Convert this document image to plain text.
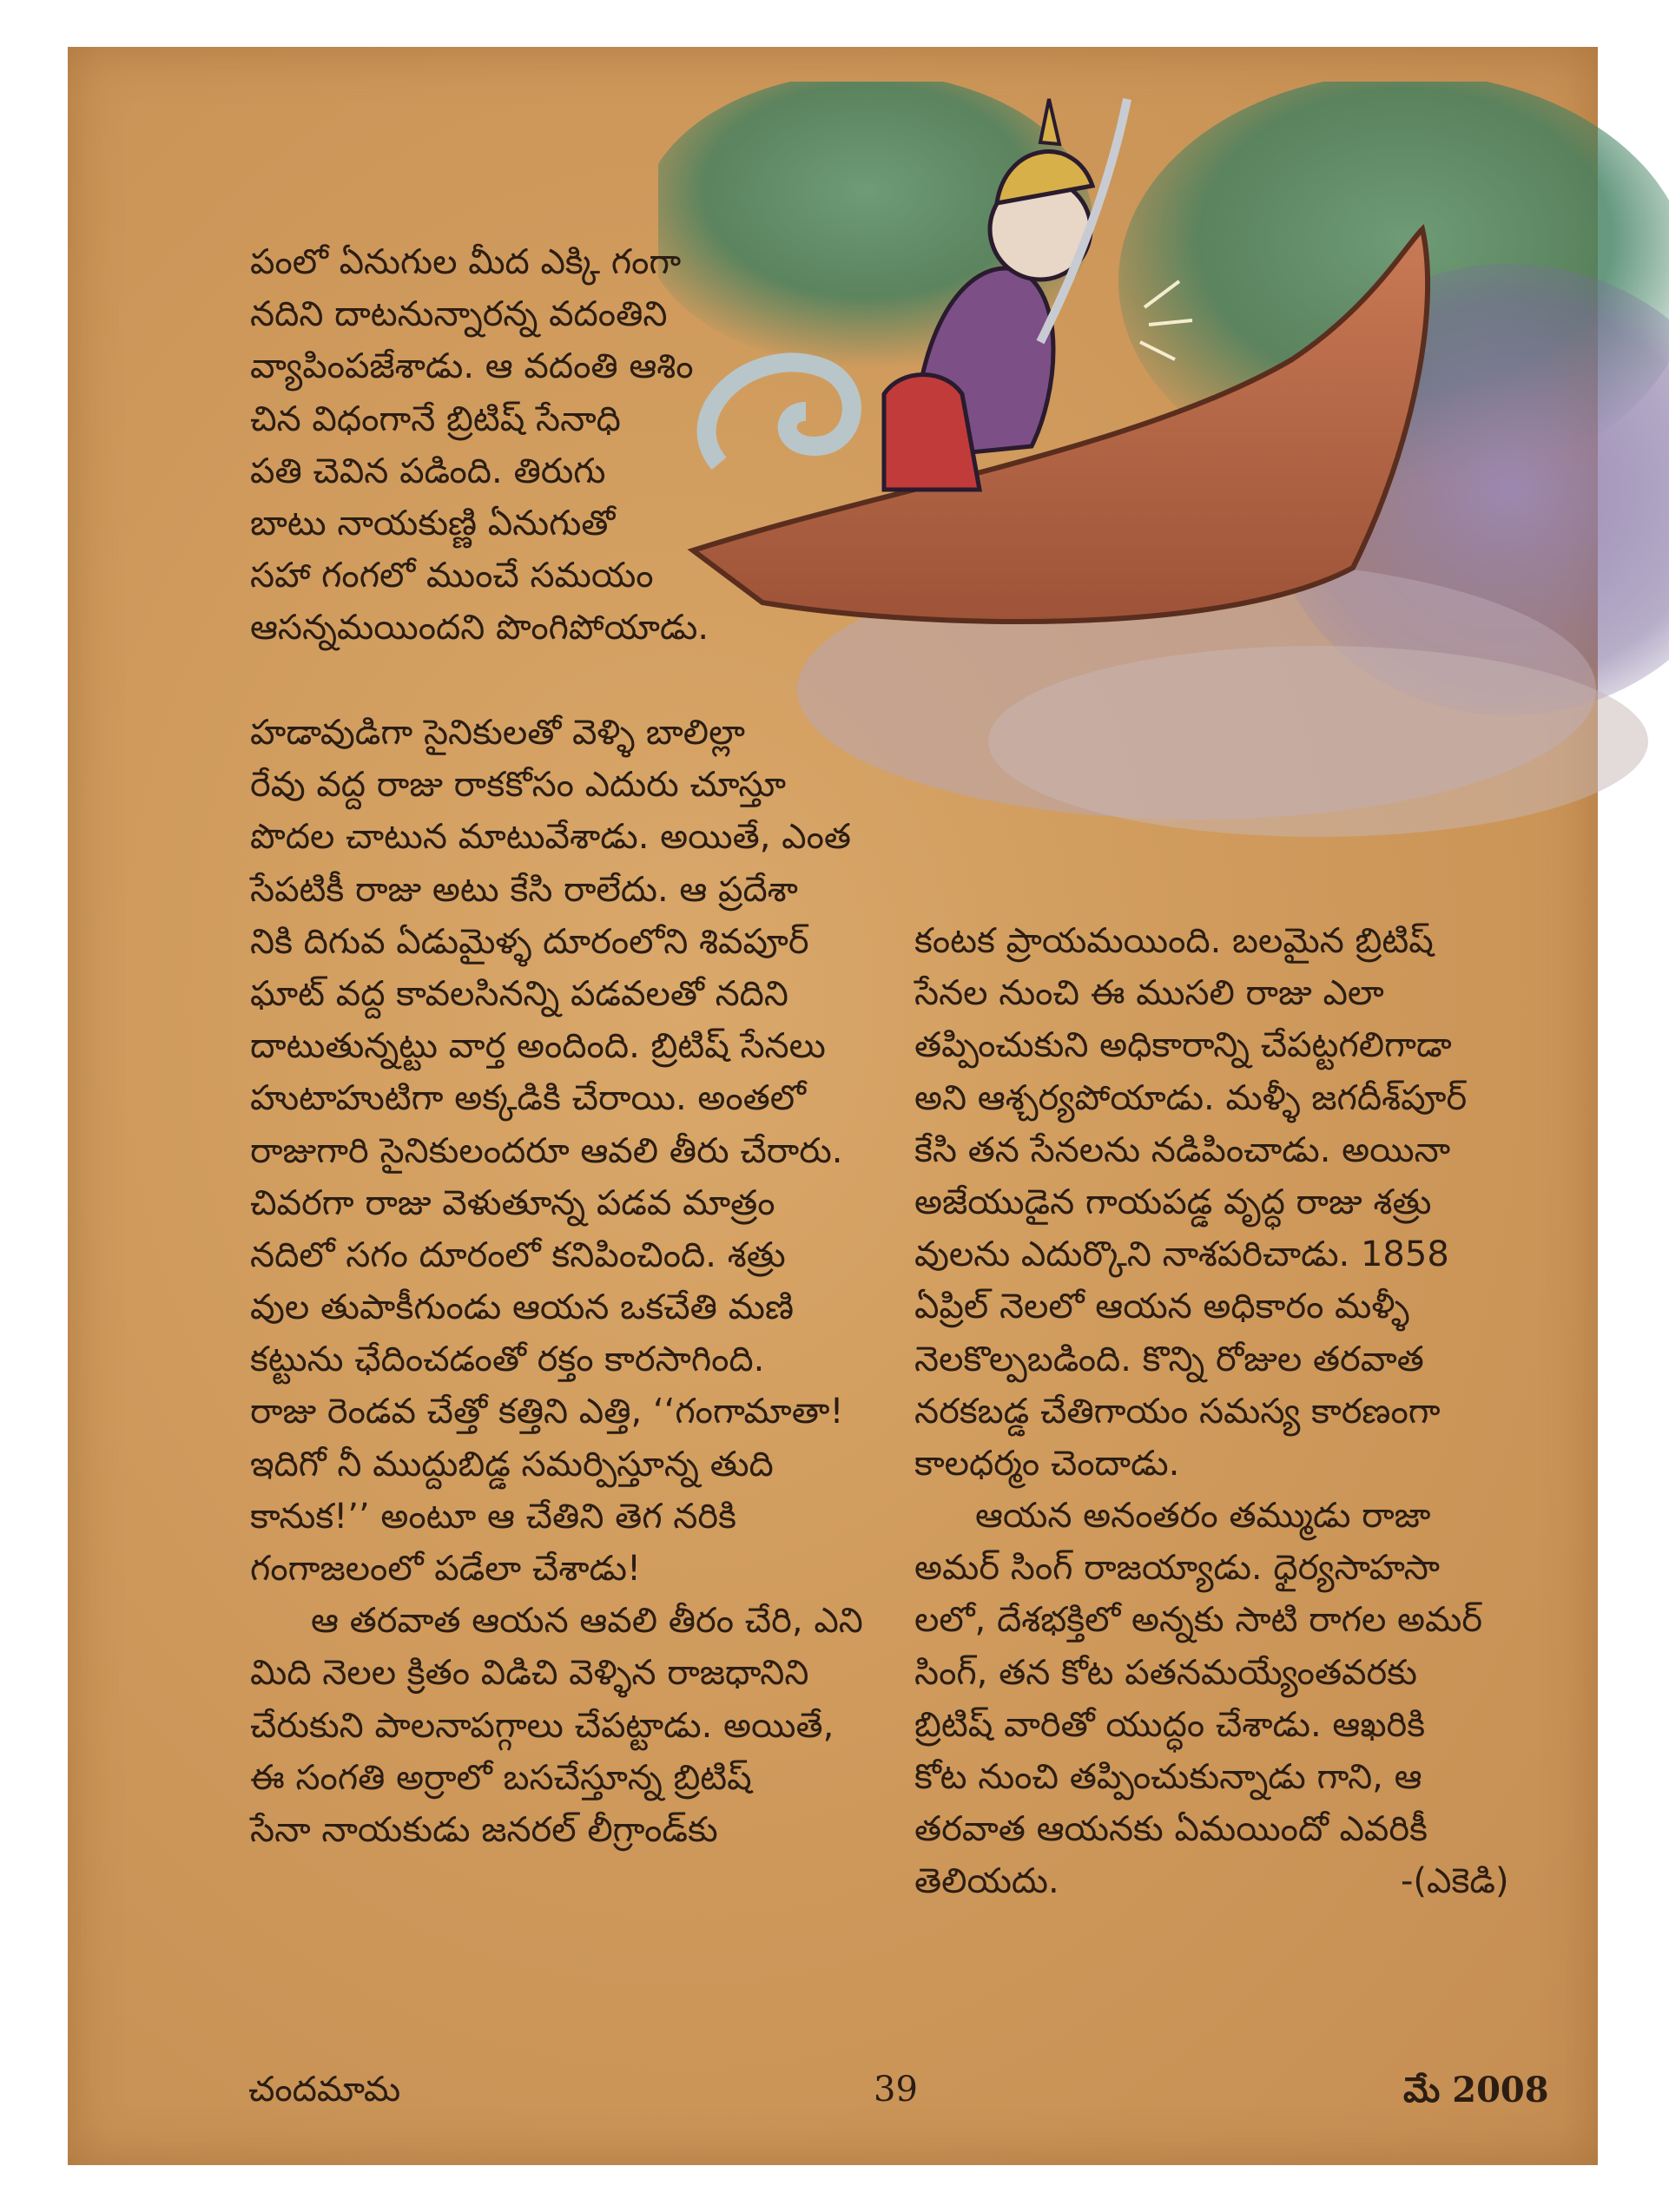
పంలో ఏనుగుల మీద ఎక్కి గంగా
నదిని దాటనున్నారన్న వదంతిని
వ్యాపింపజేశాడు. ఆ వదంతి ఆశిం
చిన విధంగానే బ్రిటిష్ సేనాధి
పతి చెవిన పడింది. తిరుగు
బాటు నాయకుణ్ణి ఏనుగుతో
సహా గంగలో ముంచే సమయం
ఆసన్నమయిందని పొంగిపోయాడు.
హడావుడిగా సైనికులతో వెళ్ళి బాలిల్లా
రేవు వద్ద రాజు రాకకోసం ఎదురు చూస్తూ
పొదల చాటున మాటువేశాడు. అయితే, ఎంత
సేపటికీ రాజు అటు కేసి రాలేదు. ఆ ప్రదేశా
నికి దిగువ ఏడుమైళ్ళ దూరంలోని శివపూర్
ఘాట్ వద్ద కావలసినన్ని పడవలతో నదిని
దాటుతున్నట్టు వార్త అందింది. బ్రిటిష్ సేనలు
హుటాహుటిగా అక్కడికి చేరాయి. అంతలో
రాజుగారి సైనికులందరూ ఆవలి తీరు చేరారు.
చివరగా రాజు వెళుతూన్న పడవ మాత్రం
నదిలో సగం దూరంలో కనిపించింది. శత్రు
వుల తుపాకీగుండు ఆయన ఒకచేతి మణి
కట్టును ఛేదించడంతో రక్తం కారసాగింది.
రాజు రెండవ చేత్తో కత్తిని ఎత్తి, ‘‘గంగామాతా!
ఇదిగో నీ ముద్దుబిడ్డ సమర్పిస్తూన్న తుది
కానుక!’’ అంటూ ఆ చేతిని తెగ నరికి
గంగాజలంలో పడేలా చేశాడు!
ఆ తరవాత ఆయన ఆవలి తీరం చేరి, ఎని
మిది నెలల క్రితం విడిచి వెళ్ళిన రాజధానిని
చేరుకుని పాలనాపగ్గాలు చేపట్టాడు. అయితే,
ఈ సంగతి అర్రాలో బసచేస్తూన్న బ్రిటిష్
సేనా నాయకుడు జనరల్ లీగ్రాండ్‌కు
కంటక ప్రాయమయింది. బలమైన బ్రిటిష్
సేనల నుంచి ఈ ముసలి రాజు ఎలా
తప్పించుకుని అధికారాన్ని చేపట్టగలిగాడా
అని ఆశ్చర్యపోయాడు. మళ్ళీ జగదీశ్‌పూర్
కేసి తన సేనలను నడిపించాడు. అయినా
అజేయుడైన గాయపడ్డ వృద్ధ రాజు శత్రు
వులను ఎదుర్కొని నాశపరిచాడు. 1858
ఏప్రిల్ నెలలో ఆయన అధికారం మళ్ళీ
నెలకొల్పబడింది. కొన్ని రోజుల తరవాత
నరకబడ్డ చేతిగాయం సమస్య కారణంగా
కాలధర్మం చెందాడు.
ఆయన అనంతరం తమ్ముడు రాజా
అమర్ సింగ్ రాజయ్యాడు. ధైర్యసాహసా
లలో, దేశభక్తిలో అన్నకు సాటి రాగల అమర్
సింగ్, తన కోట పతనమయ్యేంతవరకు
బ్రిటిష్ వారితో యుద్ధం చేశాడు. ఆఖరికి
కోట నుంచి తప్పించుకున్నాడు గాని, ఆ
తరవాత ఆయనకు ఏమయిందో ఎవరికీ
తెలియదు.	-(ఎకెడి)
చందమామ	39	మే 2008
